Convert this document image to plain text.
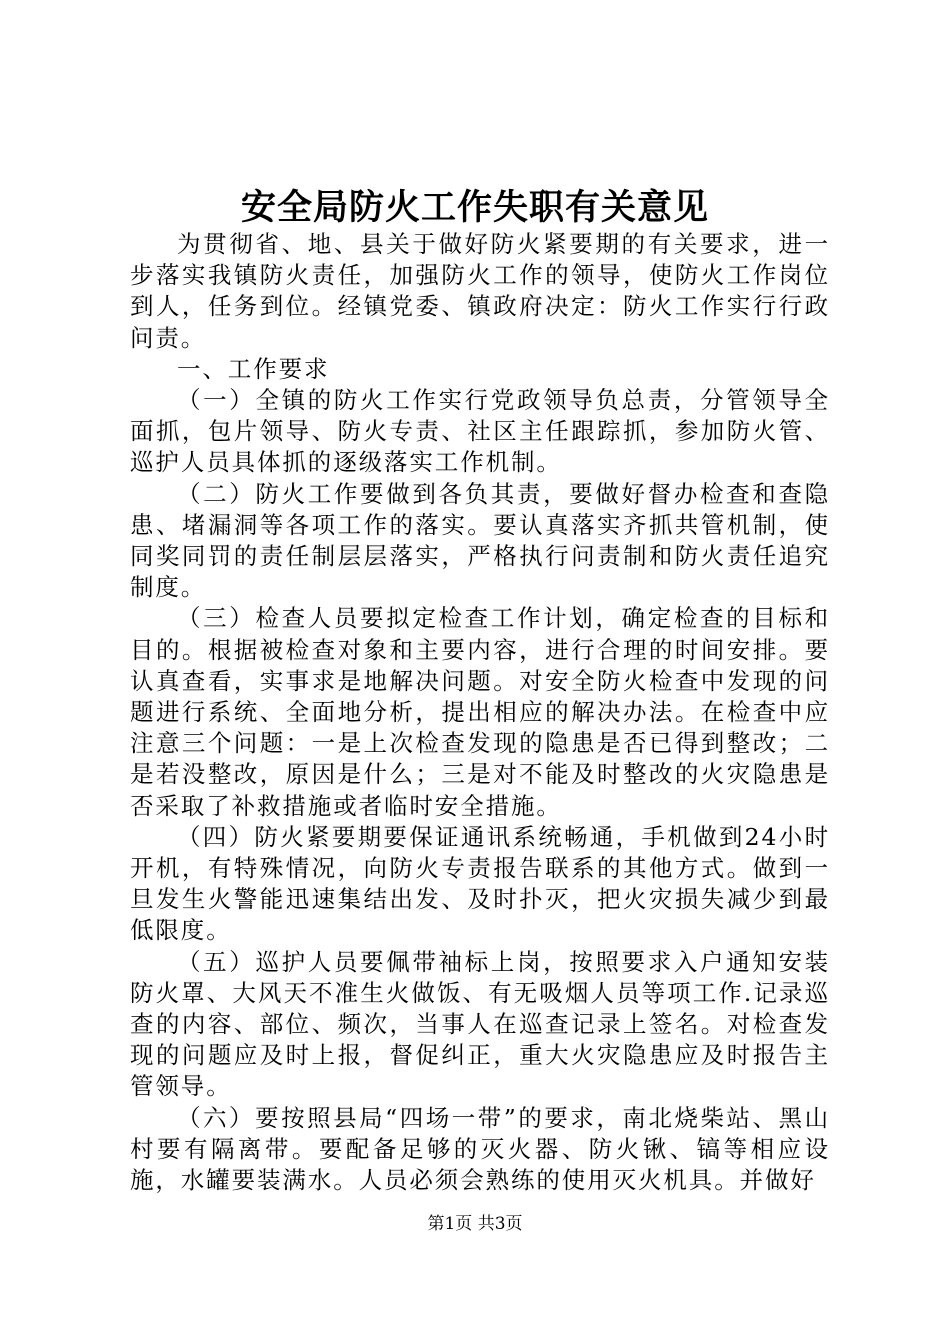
安全局防火工作失职有关意见

为贯彻省、地、县关于做好防火紧要期的有关要求，进一步落实我镇防火责任，加强防火工作的领导，使防火工作岗位到人，任务到位。经镇党委、镇政府决定：防火工作实行行政问责。

一、工作要求

（一）全镇的防火工作实行党政领导负总责，分管领导全面抓，包片领导、防火专责、社区主任跟踪抓，参加防火管、巡护人员具体抓的逐级落实工作机制。

（二）防火工作要做到各负其责，要做好督办检查和查隐患、堵漏洞等各项工作的落实。要认真落实齐抓共管机制，使同奖同罚的责任制层层落实，严格执行问责制和防火责任追究制度。

（三）检查人员要拟定检查工作计划，确定检查的目标和目的。根据被检查对象和主要内容，进行合理的时间安排。要认真查看，实事求是地解决问题。对安全防火检查中发现的问题进行系统、全面地分析，提出相应的解决办法。在检查中应注意三个问题：一是上次检查发现的隐患是否已得到整改；二是若没整改，原因是什么；三是对不能及时整改的火灾隐患是否采取了补救措施或者临时安全措施。

（四）防火紧要期要保证通讯系统畅通，手机做到24小时开机，有特殊情况，向防火专责报告联系的其他方式。做到一旦发生火警能迅速集结出发、及时扑灭，把火灾损失减少到最低限度。

（五）巡护人员要佩带袖标上岗，按照要求入户通知安装防火罩、大风天不准生火做饭、有无吸烟人员等项工作.记录巡查的内容、部位、频次，当事人在巡查记录上签名。对检查发现的问题应及时上报，督促纠正，重大火灾隐患应及时报告主管领导。

（六）要按照县局“四场一带”的要求，南北烧柴站、黑山村要有隔离带。要配备足够的灭火器、防火锹、镐等相应设施，水罐要装满水。人员必须会熟练的使用灭火机具。并做好

第1页 共3页
